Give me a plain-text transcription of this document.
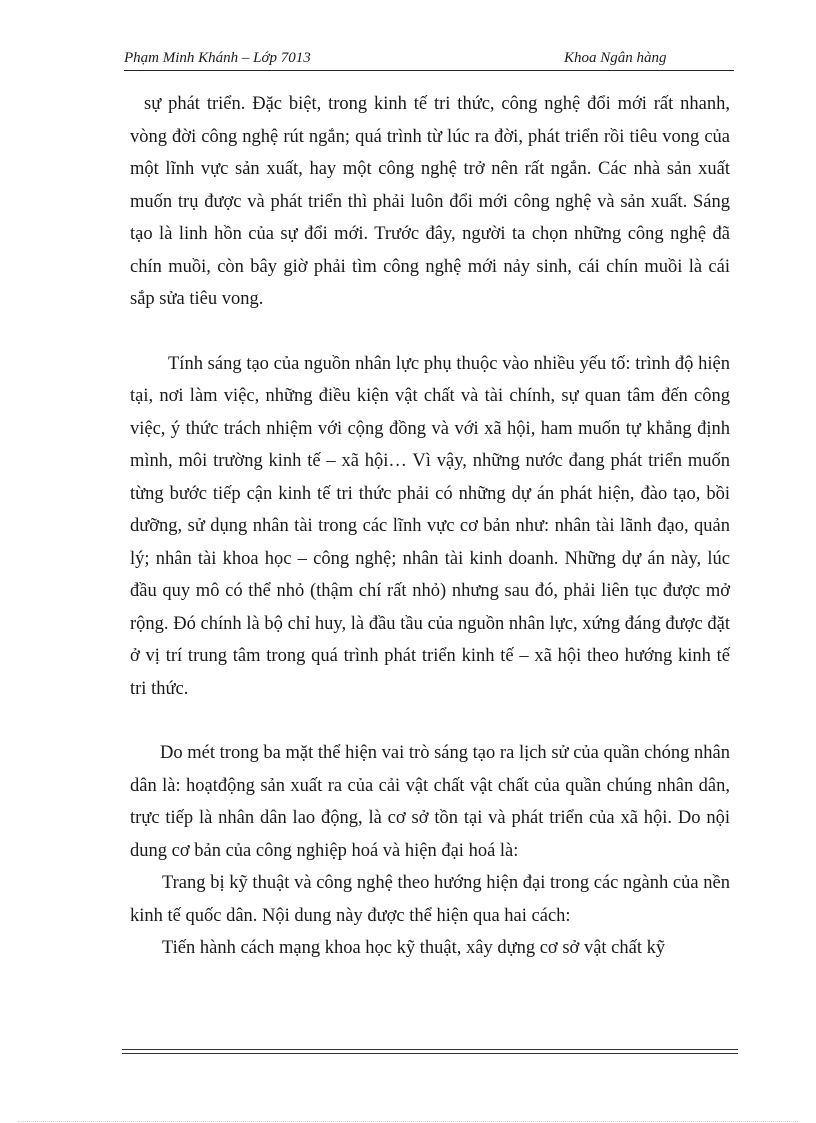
Phạm Minh Khánh – Lớp 7013	Khoa Ngân hàng

sự phát triển. Đặc biệt, trong kinh tế tri thức, công nghệ đổi mới rất nhanh, vòng đời công nghệ rút ngắn; quá trình từ lúc ra đời, phát triển rồi tiêu vong của một lĩnh vực sản xuất, hay một công nghệ trở nên rất ngắn. Các nhà sản xuất muốn trụ được và phát triển thì phải luôn đổi mới công nghệ và sản xuất. Sáng tạo là linh hồn của sự đổi mới. Trước đây, người ta chọn những công nghệ đã chín muồi, còn bây giờ phải tìm công nghệ mới nảy sinh, cái chín muồi là cái sắp sửa tiêu vong.

Tính sáng tạo của nguồn nhân lực phụ thuộc vào nhiều yếu tố: trình độ hiện tại, nơi làm việc, những điều kiện vật chất và tài chính, sự quan tâm đến công việc, ý thức trách nhiệm với cộng đồng và với xã hội, ham muốn tự khẳng định mình, môi trường kinh tế – xã hội… Vì vậy, những nước đang phát triển muốn từng bước tiếp cận kinh tế tri thức phải có những dự án phát hiện, đào tạo, bồi dưỡng, sử dụng nhân tài trong các lĩnh vực cơ bản như: nhân tài lãnh đạo, quản lý; nhân tài khoa học – công nghệ; nhân tài kinh doanh. Những dự án này, lúc đầu quy mô có thể nhỏ (thậm chí rất nhỏ) nhưng sau đó, phải liên tục được mở rộng. Đó chính là bộ chỉ huy, là đầu tầu của nguồn nhân lực, xứng đáng được đặt ở vị trí trung tâm trong quá trình phát triển kinh tế – xã hội theo hướng kinh tế tri thức.

Do mét trong ba mặt thể hiện vai trò sáng tạo ra lịch sử của quần chóng nhân dân là: hoạtđộng sản xuất ra của cải vật chất vật chất của quần chúng nhân dân, trực tiếp là nhân dân lao động, là cơ sở tồn tại và phát triển của xã hội. Do nội dung cơ bản của công nghiệp hoá và hiện đại hoá là:

Trang bị kỹ thuật và công nghệ theo hướng hiện đại trong các ngành của nền kinh tế quốc dân. Nội dung này được thể hiện qua hai cách:

Tiến hành cách mạng khoa học kỹ thuật, xây dựng cơ sở vật chất kỹ
